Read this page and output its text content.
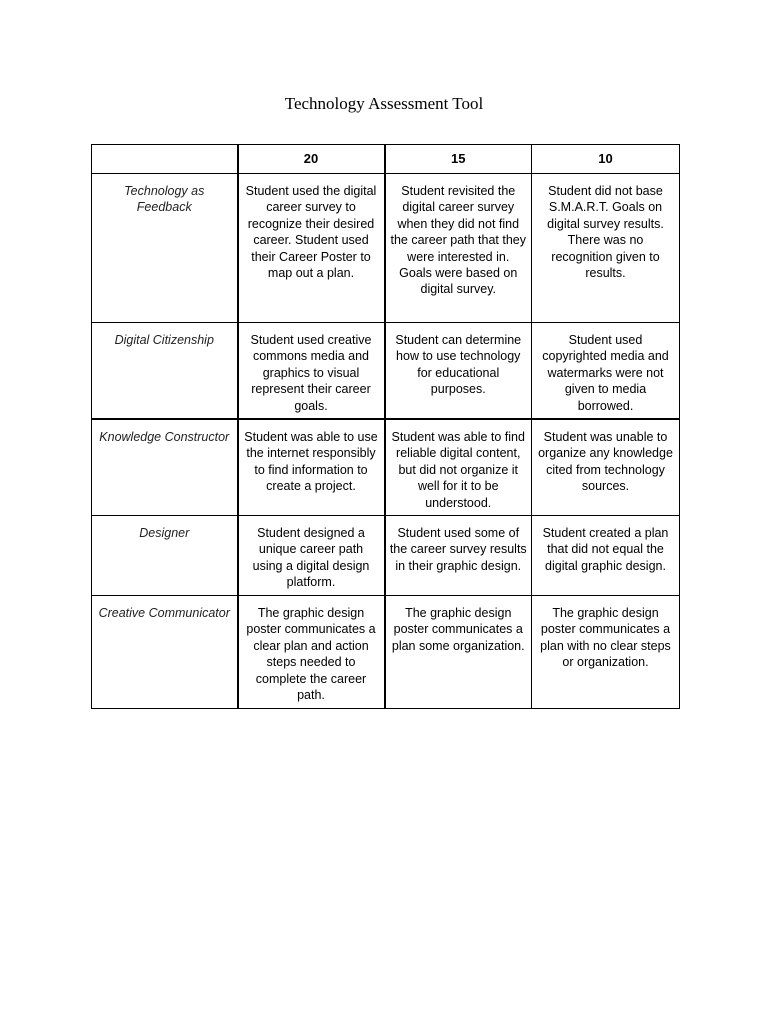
Technology Assessment Tool
	20	15	10
Technology as Feedback	Student used the digital career survey to recognize their desired career. Student used their Career Poster to map out a plan.	Student revisited the digital career survey when they did not find the career path that they were interested in. Goals were based on digital survey.	Student did not base S.M.A.R.T. Goals on digital survey results. There was no recognition given to results.
Digital Citizenship	Student used creative commons media and graphics to visual represent their career goals.	Student can determine how to use technology for educational purposes.	Student used copyrighted media and watermarks were not given to media borrowed.
Knowledge Constructor	Student was able to use the internet responsibly to find information to create a project.	Student was able to find reliable digital content, but did not organize it well for it to be understood.	Student was unable to organize any knowledge cited from technology sources.
Designer	Student designed a unique career path using a digital design platform.	Student used some of the career survey results in their graphic design.	Student created a plan that did not equal the digital graphic design.
Creative Communicator	The graphic design poster communicates a clear plan and action steps needed to complete the career path.	The graphic design poster communicates a plan some organization.	The graphic design poster communicates a plan with no clear steps or organization.
